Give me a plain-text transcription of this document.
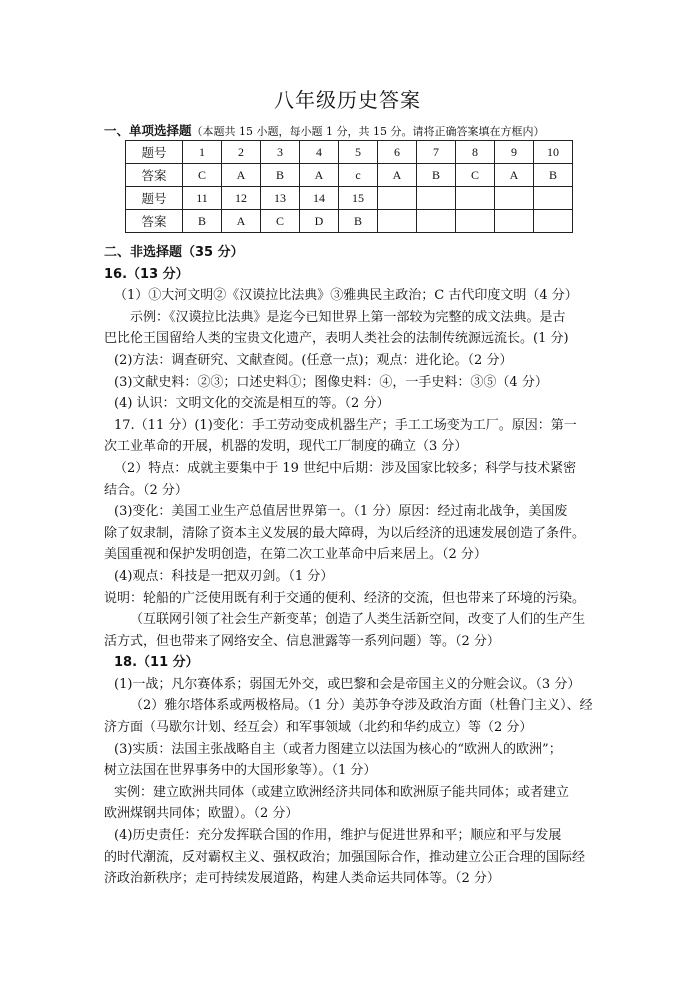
八年级历史答案
一、单项选择题（本题共 15 小题，每小题 1 分，共 15 分。请将正确答案填在方框内）
题号	1	2	3	4	5	6	7	8	9	10
答案	C	A	B	A	c	A	B	C	A	B
题号	11	12	13	14	15					
答案	B	A	C	D	B					
二、非选择题（35 分）
16.（13 分）
（1）①大河文明②《汉谟拉比法典》③雅典民主政治；C 古代印度文明（4 分）
示例：《汉谟拉比法典》是迄今已知世界上第一部较为完整的成文法典。是古
巴比伦王国留给人类的宝贵文化遗产，表明人类社会的法制传统源远流长。(1 分)
(2)方法：调查研究、文献查阅。(任意一点)；观点：进化论。（2 分）
(3)文献史料：②③；口述史料①；图像史料：④，一手史料：③⑤（4 分）
(4) 认识：文明文化的交流是相互的等。（2 分）
17.（11 分）(1)变化：手工劳动变成机器生产；手工工场变为工厂。原因：第一
次工业革命的开展，机器的发明，现代工厂制度的确立（3 分）
（2）特点：成就主要集中于 19 世纪中后期：涉及国家比较多；科学与技术紧密
结合。（2 分）
(3)变化：美国工业生产总值居世界第一。（1 分）原因：经过南北战争，美国废
除了奴隶制，清除了资本主义发展的最大障碍，为以后经济的迅速发展创造了条件。
美国重视和保护发明创造，在第二次工业革命中后来居上。（2 分）
(4)观点：科技是一把双刃剑。（1 分）
说明：轮船的广泛使用既有利于交通的便利、经济的交流，但也带来了环境的污染。
（互联网引领了社会生产新变革；创造了人类生活新空间，改变了人们的生产生
活方式，但也带来了网络安全、信息泄露等一系列问题）等。（2 分）
18.（11 分）
(1)一战；凡尔赛体系；弱国无外交，或巴黎和会是帝国主义的分赃会议。（3 分）
（2）雅尔塔体系或两极格局。（1 分）美苏争夺涉及政治方面（杜鲁门主义）、经
济方面（马歇尔计划、经互会）和军事领域（北约和华约成立）等（2 分）
(3)实质：法国主张战略自主（或者力图建立以法国为核心的“欧洲人的欧洲”；
树立法国在世界事务中的大国形象等）。（1 分）
实例：建立欧洲共同体（或建立欧洲经济共同体和欧洲原子能共同体；或者建立
欧洲煤钢共同体；欧盟）。（2 分）
(4)历史责任：充分发挥联合国的作用，维护与促进世界和平；顺应和平与发展
的时代潮流，反对霸权主义、强权政治；加强国际合作，推动建立公正合理的国际经
济政治新秩序；走可持续发展道路，构建人类命运共同体等。（2 分）
